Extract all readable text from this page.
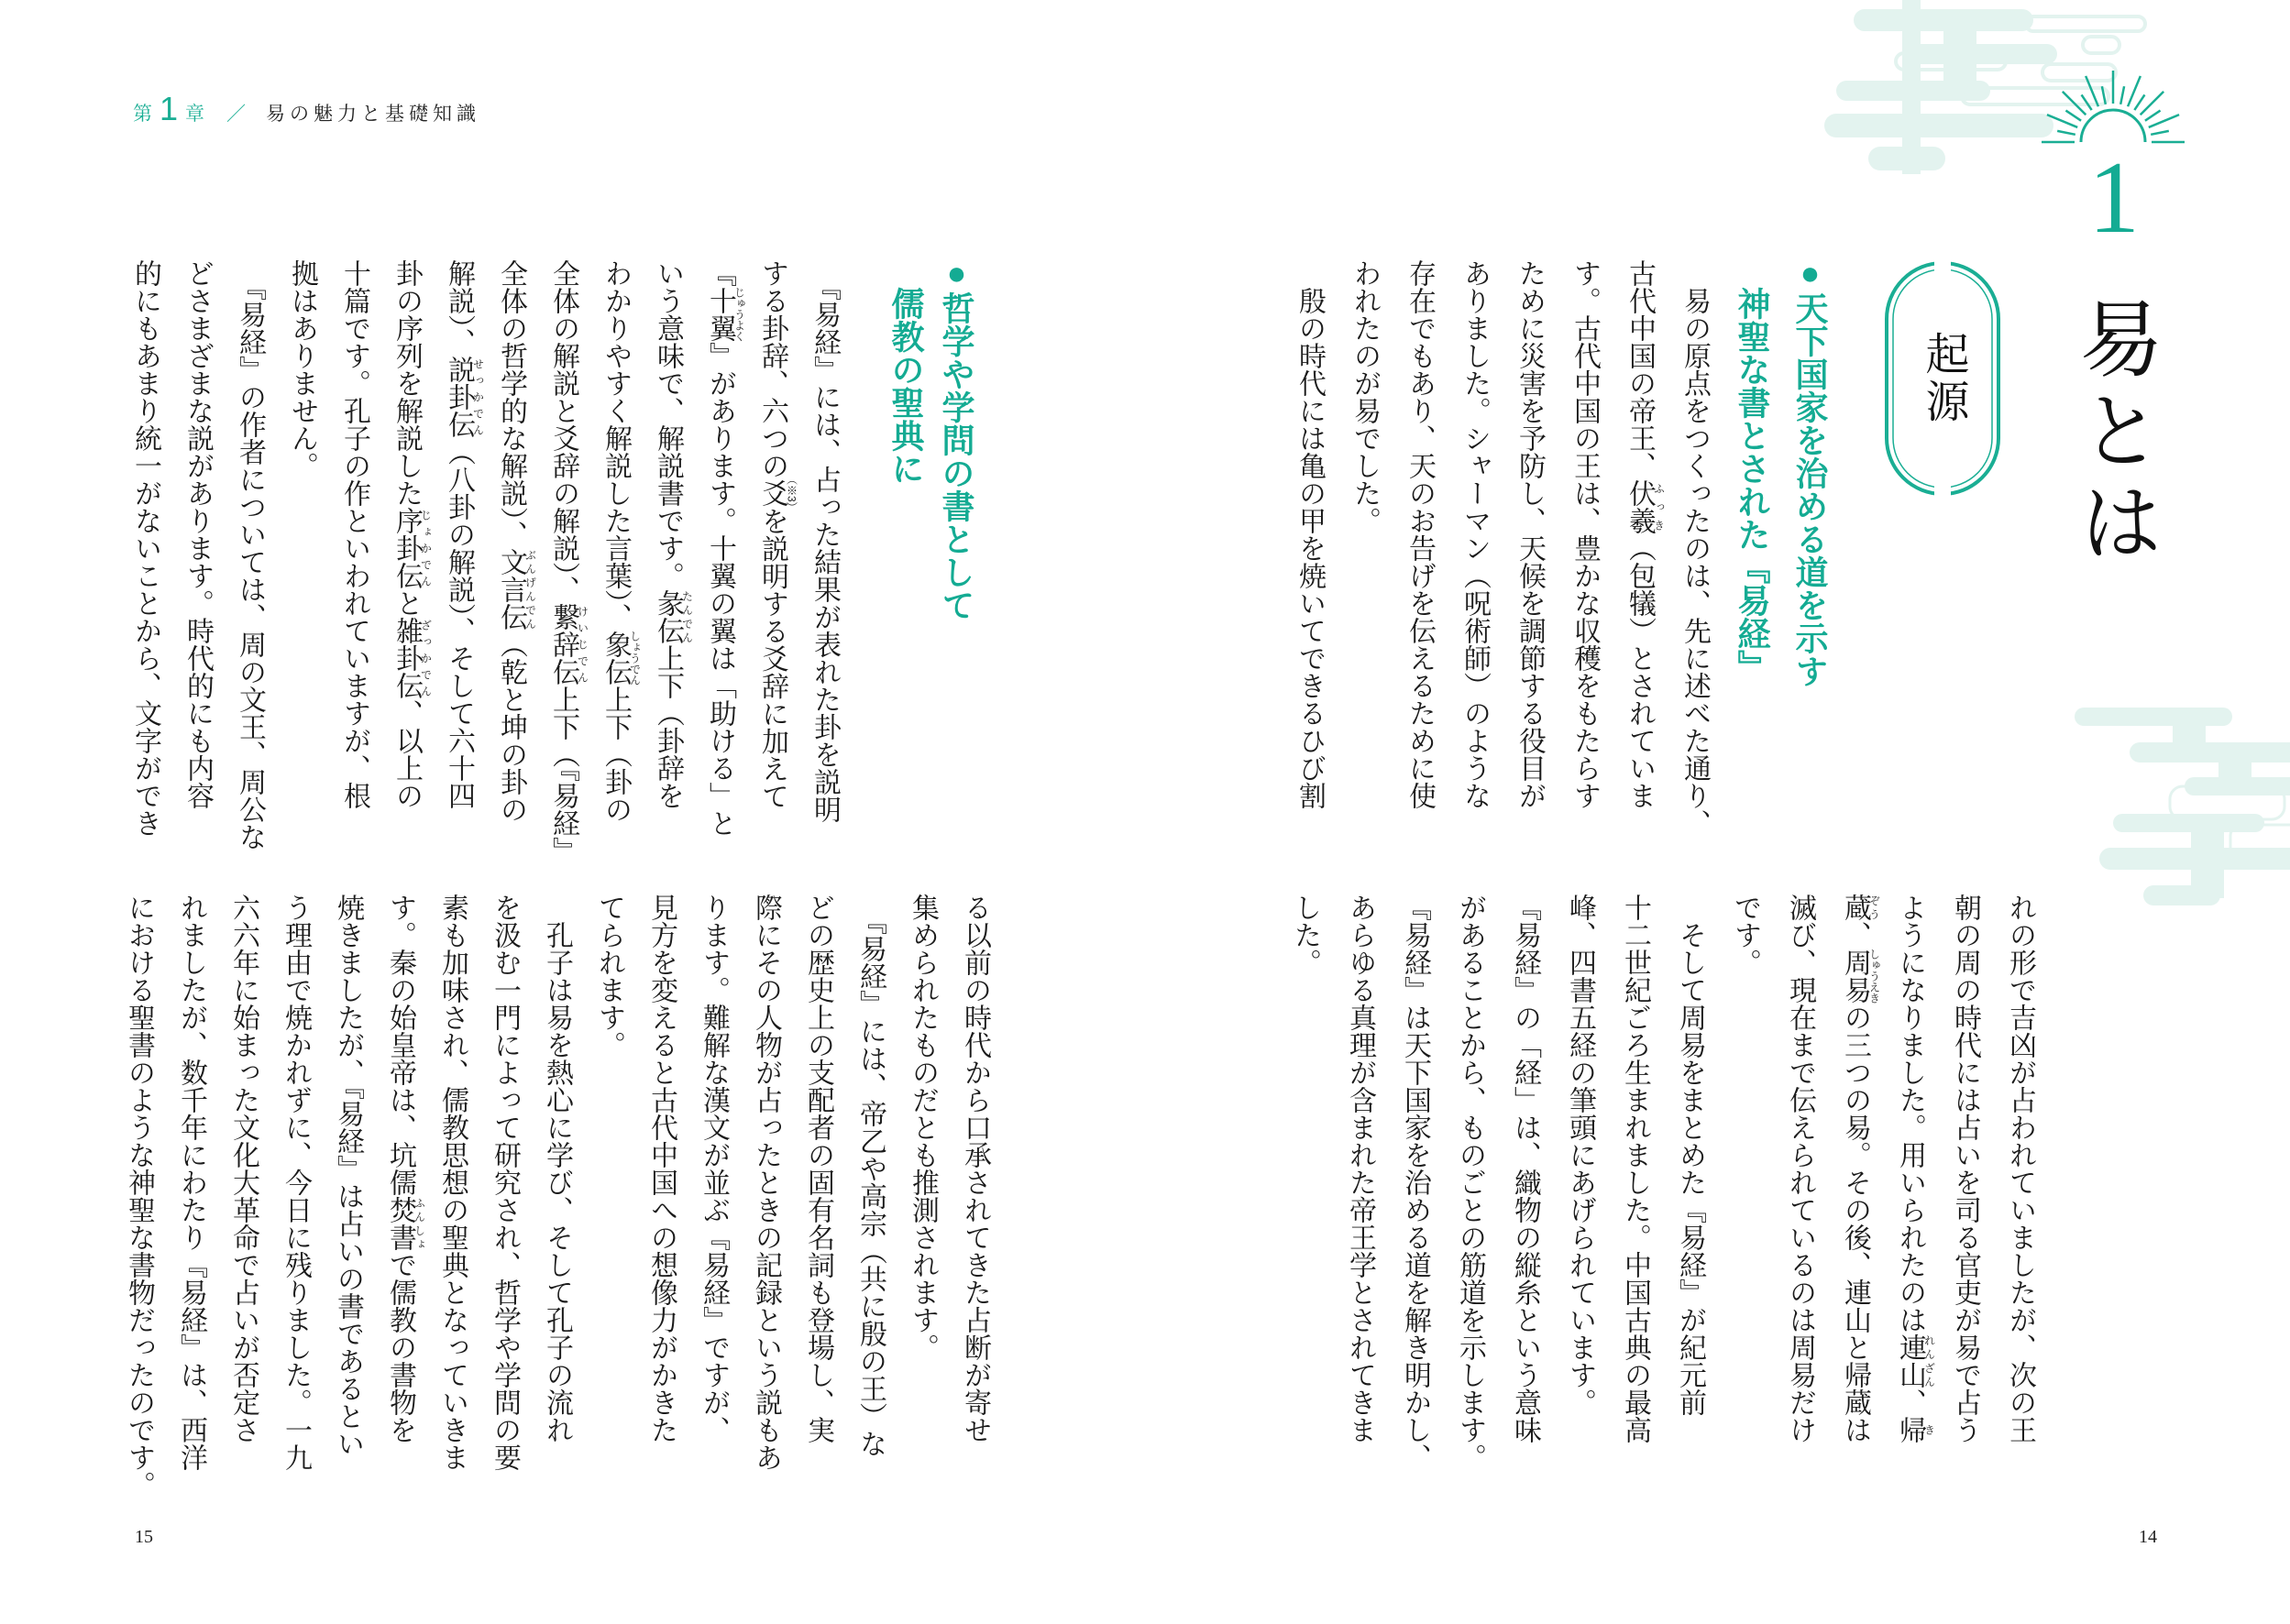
第 1 章 ／ 易の魅力と基礎知識
1
易とは
起源
●天下国家を治める道を示す
神聖な書とされた『易経』
　易の原点をつくったのは、先に述べた通り、
古代中国の帝王、伏羲ふっき（包犠）とされていま
す。古代中国の王は、豊かな収穫をもたらす
ために災害を予防し、天候を調節する役目が
ありました。シャーマン（呪術師）のような
存在でもあり、天のお告げを伝えるために使
われたのが易でした。
　殷の時代には亀の甲を焼いてできるひび割
れの形で吉凶が占われていましたが、次の王
朝の周の時代には占いを司る官吏が易で占う
ようになりました。用いられたのは連山れんざん、帰き
蔵ぞう、周易しゅうえきの三つの易。その後、連山と帰蔵は
滅び、現在まで伝えられているのは周易だけ
です。
　そして周易をまとめた『易経』が紀元前
十二世紀ごろ生まれました。中国古典の最高
峰、四書五経の筆頭にあげられています。
『易経』の「経」は、織物の縦糸という意味
があることから、ものごとの筋道を示します。
『易経』は天下国家を治める道を解き明かし、
あらゆる真理が含まれた帝王学とされてきま
した。
●哲学や学問の書として
儒教の聖典に
　『易経』には、占った結果が表れた卦を説明
する卦辞、六つの爻（※3）を説明する爻辞に加えて
『十翼じゅうよく』があります。十翼の翼は「助ける」と
いう意味で、解説書です。彖伝たんでん上下（卦辞を
わかりやすく解説した言葉）、象伝しょうでん上下（卦の
全体の解説と爻辞の解説）、繋辞伝けいじでん上下（『易経』
全体の哲学的な解説）、文言伝ぶんげんでん（乾と坤の卦の
解説）、説卦伝せっかでん（八卦の解説）、そして六十四
卦の序列を解説した序卦伝じょかでんと雑卦伝ざっかでん、以上の
十篇です。孔子の作といわれていますが、根
拠はありません。
　『易経』の作者については、周の文王、周公な
どさまざまな説があります。時代的にも内容
的にもあまり統一がないことから、文字ができ
る以前の時代から口承されてきた占断が寄せ
集められたものだとも推測されます。
　『易経』には、帝乙や高宗（共に殷の王）な
どの歴史上の支配者の固有名詞も登場し、実
際にその人物が占ったときの記録という説もあ
ります。難解な漢文が並ぶ『易経』ですが、
見方を変えると古代中国への想像力がかきた
てられます。
　孔子は易を熱心に学び、そして孔子の流れ
を汲む一門によって研究され、哲学や学問の要
素も加味され、儒教思想の聖典となっていきま
す。秦の始皇帝は、坑儒焚書ふんしょで儒教の書物を
焼きましたが、『易経』は占いの書であるとい
う理由で焼かれずに、今日に残りました。一九
六六年に始まった文化大革命で占いが否定さ
れましたが、数千年にわたり『易経』は、西洋
における聖書のような神聖な書物だったのです。
15	14
